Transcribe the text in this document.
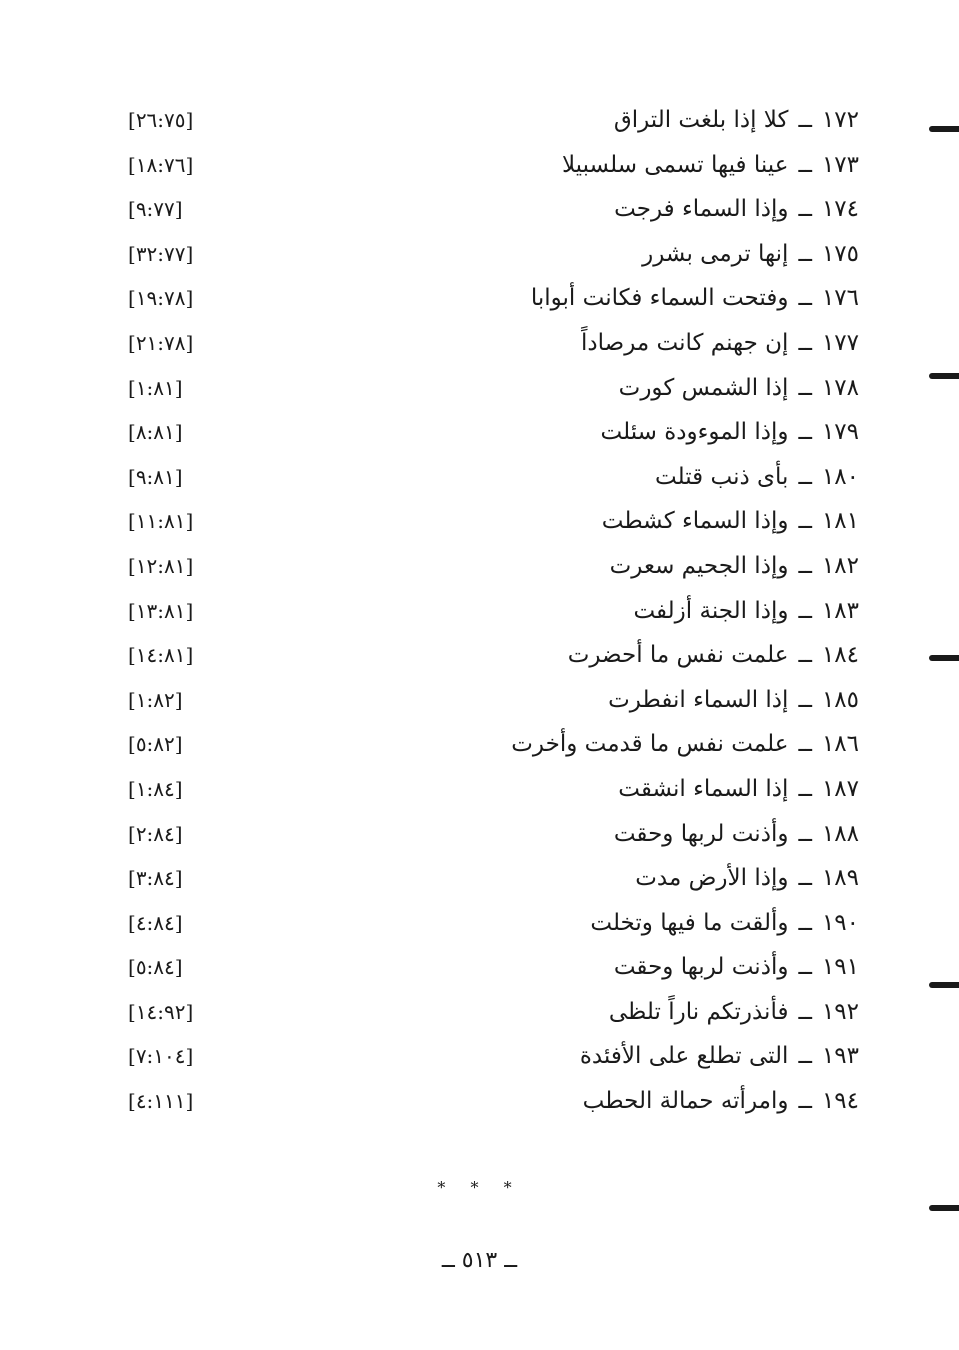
١٧٢ــكلا إذا بلغت التراق
[٢٦:٧٥]
١٧٣ــعينا فيها تسمى سلسبيلا
[١٨:٧٦]
١٧٤ــوإذا السماء فرجت
[٩:٧٧]
١٧٥ــإنها ترمى بشرر
[٣٢:٧٧]
١٧٦ــوفتحت السماء فكانت أبوابا
[١٩:٧٨]
١٧٧ــإن جهنم كانت مرصاداً
[٢١:٧٨]
١٧٨ــإذا الشمس كورت
[١:٨١]
١٧٩ــوإذا الموءودة سئلت
[٨:٨١]
١٨٠ــبأى ذنب قتلت
[٩:٨١]
١٨١ــوإذا السماء كشطت
[١١:٨١]
١٨٢ــوإذا الجحيم سعرت
[١٢:٨١]
١٨٣ــوإذا الجنة أزلفت
[١٣:٨١]
١٨٤ــعلمت نفس ما أحضرت
[١٤:٨١]
١٨٥ــإذا السماء انفطرت
[١:٨٢]
١٨٦ــعلمت نفس ما قدمت وأخرت
[٥:٨٢]
١٨٧ــإذا السماء انشقت
[١:٨٤]
١٨٨ــوأذنت لربها وحقت
[٢:٨٤]
١٨٩ــوإذا الأرض مدت
[٣:٨٤]
١٩٠ــوألقت ما فيها وتخلت
[٤:٨٤]
١٩١ــوأذنت لربها وحقت
[٥:٨٤]
١٩٢ــفأنذرتكم ناراً تلظى
[١٤:٩٢]
١٩٣ــالتى تطلع على الأفئدة
[٧:١٠٤]
١٩٤ــوامرأته حمالة الحطب
[٤:١١١]
* * *
ــ ٥١٣ ــ
